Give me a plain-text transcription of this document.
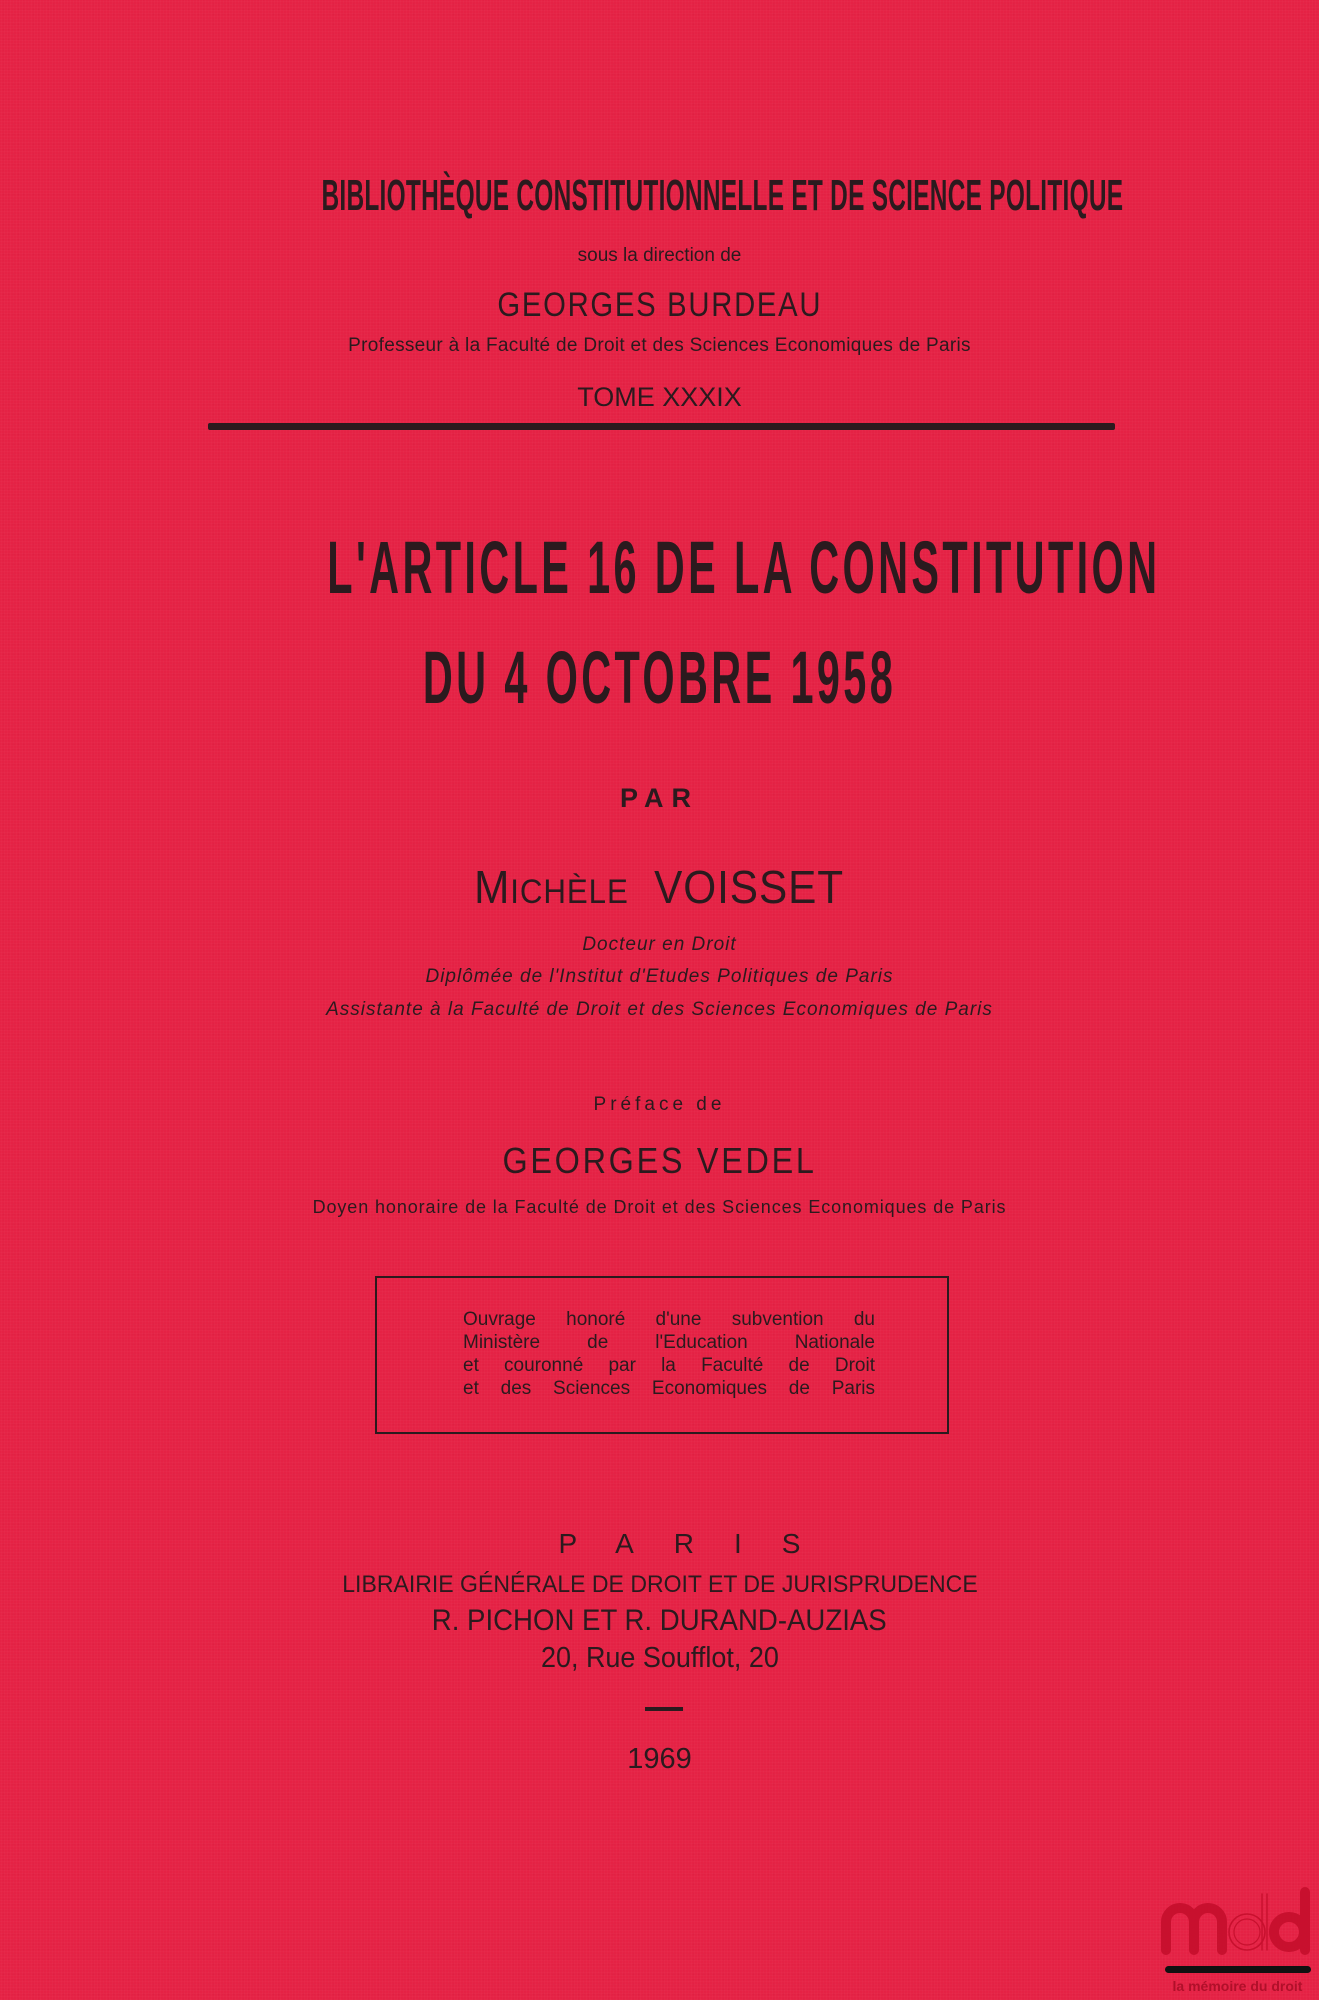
BIBLIOTHÈQUE CONSTITUTIONNELLE ET DE SCIENCE POLITIQUE
sous la direction de
GEORGES BURDEAU
Professeur à la Faculté de Droit et des Sciences Economiques de Paris
TOME XXXIX
L'ARTICLE 16 DE LA CONSTITUTION
DU 4 OCTOBRE 1958
PAR
MICHÈLE VOISSET
Docteur en Droit
Diplômée de l'Institut d'Etudes Politiques de Paris
Assistante à la Faculté de Droit et des Sciences Economiques de Paris
Préface de
GEORGES VEDEL
Doyen honoraire de la Faculté de Droit et des Sciences Economiques de Paris
Ouvrage honoré d'une subvention du
Ministère de l'Education Nationale
et couronné par la Faculté de Droit
et des Sciences Economiques de Paris
PARIS
LIBRAIRIE GÉNÉRALE DE DROIT ET DE JURISPRUDENCE
R. PICHON ET R. DURAND-AUZIAS
20, Rue Soufflot, 20
1969
la mémoire du droit
